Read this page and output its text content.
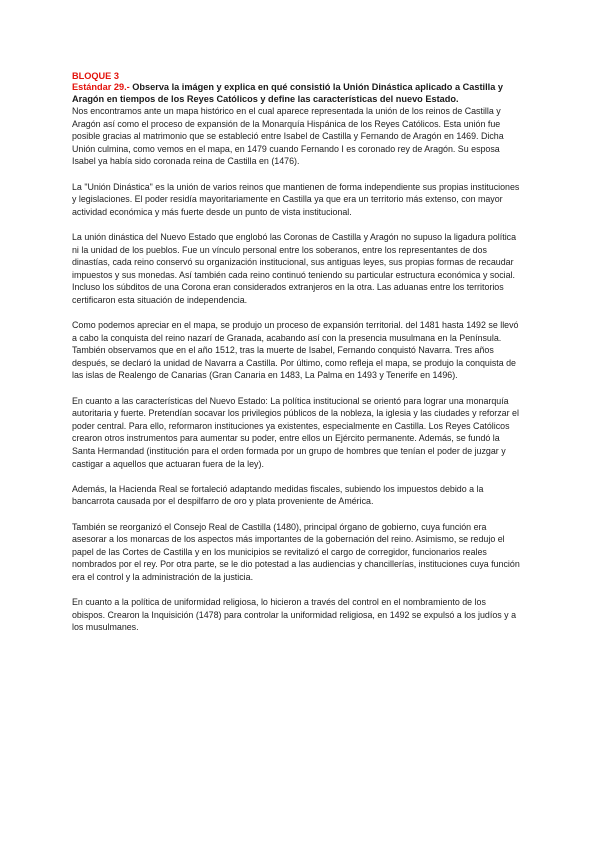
BLOQUE 3

Estándar 29.- Observa la imágen y explica en qué consistió la Unión Dinástica aplicado a Castilla y Aragón en tiempos de los Reyes Católicos y define las características del nuevo Estado.

Nos encontramos ante un mapa histórico en el cual aparece representada la unión de los reinos de Castilla y Aragón así como el proceso de expansión de la Monarquía Hispánica de los Reyes Católicos. Esta unión fue posible gracias al matrimonio que se estableció entre Isabel de Castilla y Fernando de Aragón en 1469. Dicha Unión culmina, como vemos en el mapa, en 1479 cuando Fernando I es coronado rey de Aragón. Su esposa Isabel ya había sido coronada reina de Castilla en (1476).

La "Unión Dinástica" es la unión de varios reinos que mantienen de forma independiente sus propias instituciones y legislaciones. El poder residía mayoritariamente en Castilla ya que era un territorio más extenso, con mayor actividad económica y más fuerte desde un punto de vista institucional.

La unión dinástica del Nuevo Estado que englobó las Coronas de Castilla y Aragón no supuso la ligadura política ni la unidad de los pueblos. Fue un vínculo personal entre los soberanos, entre los representantes de dos dinastías, cada reino conservó su organización institucional, sus antiguas leyes, sus propias formas de recaudar impuestos y sus monedas. Así también cada reino continuó teniendo su particular estructura económica y social. Incluso los súbditos de una Corona eran considerados extranjeros en la otra. Las aduanas entre los territorios certificaron esta situación de independencia.

Como podemos apreciar en el mapa, se produjo un proceso de expansión territorial. del 1481 hasta 1492 se llevó a cabo la conquista del reino nazarí de Granada, acabando así con la presencia musulmana en la Península. También observamos que en el año 1512, tras la muerte de Isabel, Fernando conquistó Navarra. Tres años después, se declaró la unidad de Navarra a Castilla. Por último, como refleja el mapa, se produjo la conquista de las islas de Realengo de Canarias (Gran Canaria en 1483, La Palma en 1493 y Tenerife en 1496).

En cuanto a las características del Nuevo Estado: La política institucional se orientó para lograr una monarquía autoritaria y fuerte. Pretendían socavar los privilegios públicos de la nobleza, la iglesia y las ciudades y reforzar el poder central. Para ello, reformaron instituciones ya existentes, especialmente en Castilla. Los Reyes Católicos crearon otros instrumentos para aumentar su poder, entre ellos un Ejército permanente. Además, se fundó la Santa Hermandad (institución para el orden formada por un grupo de hombres que tenían el poder de juzgar y castigar a aquellos que actuaran fuera de la ley).

Además, la Hacienda Real se fortaleció adaptando medidas fiscales, subiendo los impuestos debido a la bancarrota causada por el despilfarro de oro y plata proveniente de América.

También se reorganizó el Consejo Real de Castilla (1480), principal órgano de gobierno, cuya función era asesorar a los monarcas de los aspectos más importantes de la gobernación del reino. Asimismo, se redujo el papel de las Cortes de Castilla y en los municipios se revitalizó el cargo de corregidor, funcionarios reales nombrados por el rey. Por otra parte, se le dio potestad a las audiencias y chancillerías, instituciones cuya función era el control y la administración de la justicia.

En cuanto a la política de uniformidad religiosa, lo hicieron a través del control en el nombramiento de los obispos. Crearon la Inquisición (1478) para controlar la uniformidad religiosa, en 1492 se expulsó a los judíos y a los musulmanes.
